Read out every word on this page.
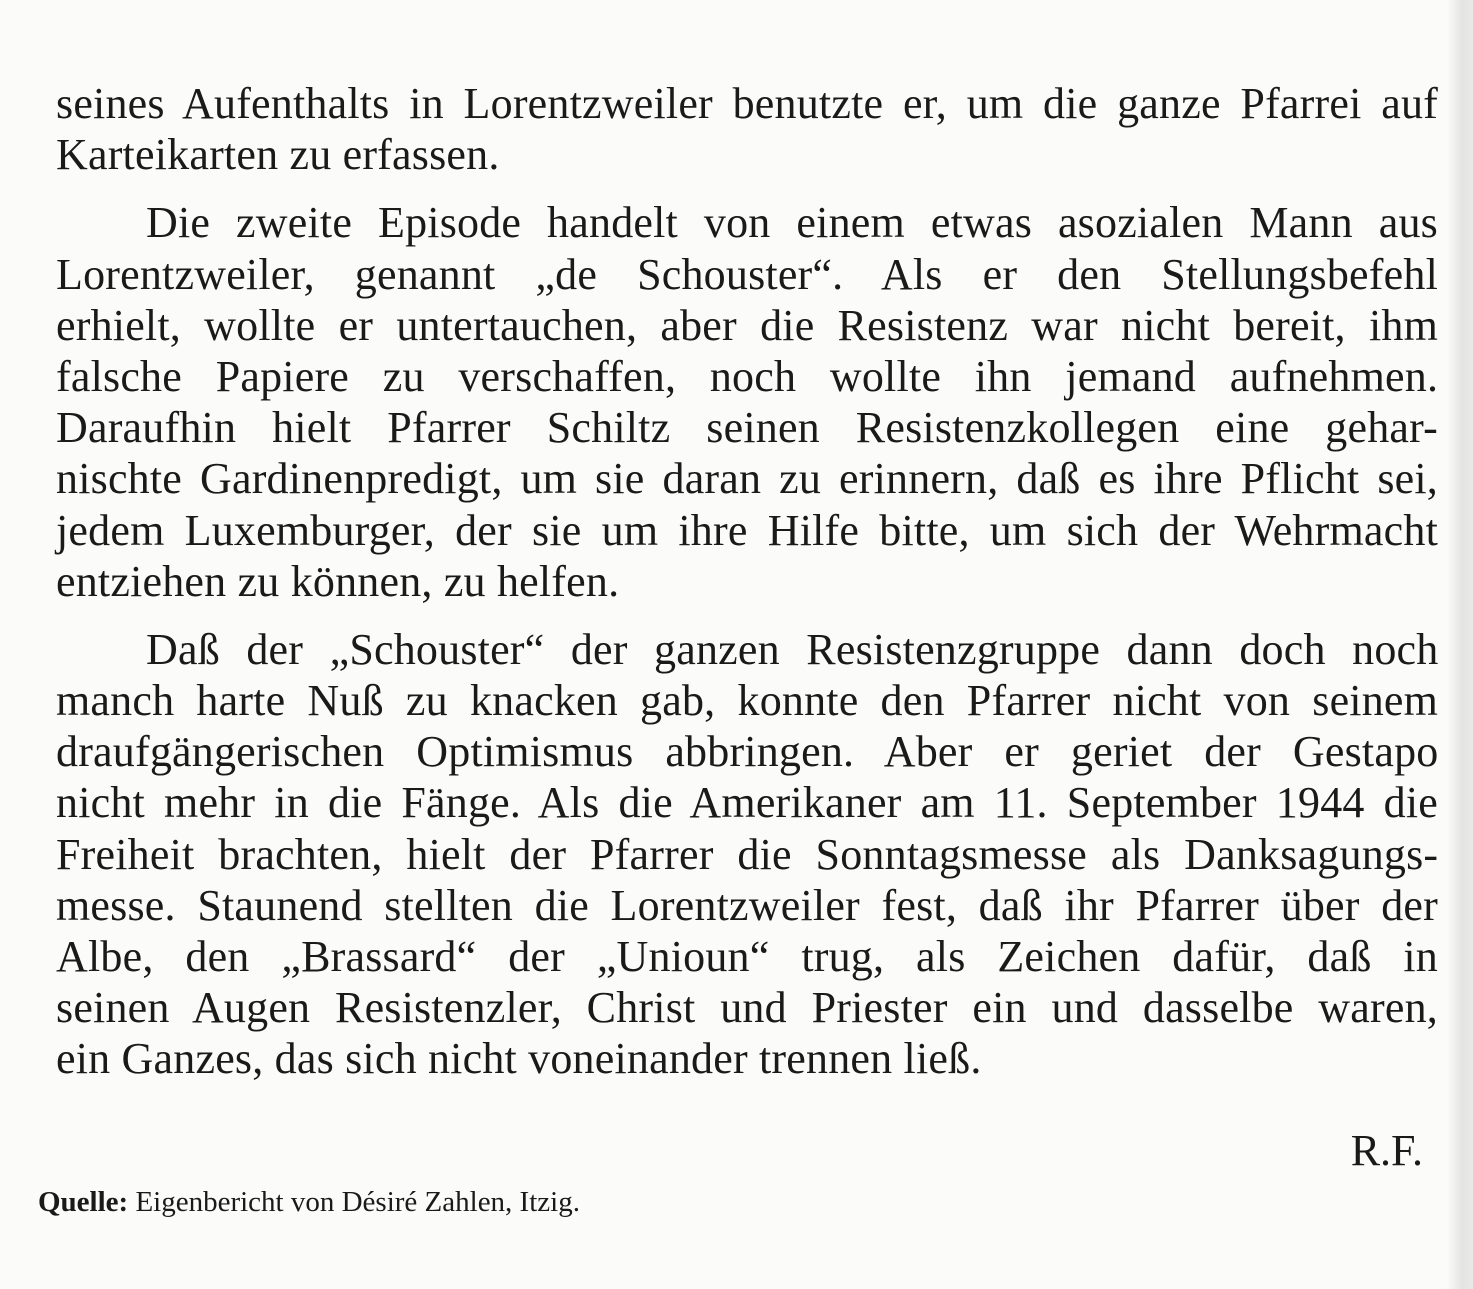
seines Aufenthalts in Lorentzweiler benutzte er, um die ganze Pfarrei auf
Karteikarten zu erfassen.
Die zweite Episode handelt von einem etwas asozialen Mann aus
Lorentzweiler, genannt „de Schouster“. Als er den Stellungsbefehl
erhielt, wollte er untertauchen, aber die Resistenz war nicht bereit, ihm
falsche Papiere zu verschaffen, noch wollte ihn jemand aufnehmen.
Daraufhin hielt Pfarrer Schiltz seinen Resistenzkollegen eine gehar-
nischte Gardinenpredigt, um sie daran zu erinnern, daß es ihre Pflicht sei,
jedem Luxemburger, der sie um ihre Hilfe bitte, um sich der Wehrmacht
entziehen zu können, zu helfen.
Daß der „Schouster“ der ganzen Resistenzgruppe dann doch noch
manch harte Nuß zu knacken gab, konnte den Pfarrer nicht von seinem
draufgängerischen Optimismus abbringen. Aber er geriet der Gestapo
nicht mehr in die Fänge. Als die Amerikaner am 11. September 1944 die
Freiheit brachten, hielt der Pfarrer die Sonntagsmesse als Danksagungs-
messe. Staunend stellten die Lorentzweiler fest, daß ihr Pfarrer über der
Albe, den „Brassard“ der „Unioun“ trug, als Zeichen dafür, daß in
seinen Augen Resistenzler, Christ und Priester ein und dasselbe waren,
ein Ganzes, das sich nicht voneinander trennen ließ.
R.F.
Quelle: Eigenbericht von Désiré Zahlen, Itzig.
